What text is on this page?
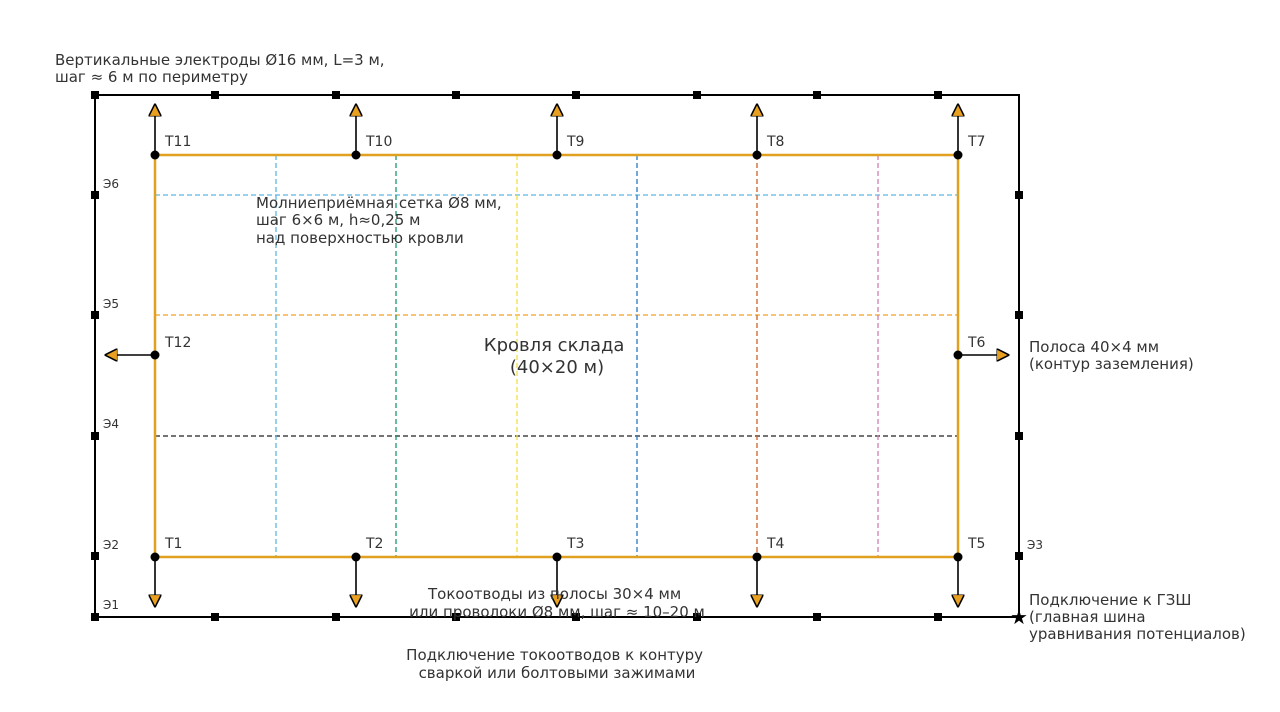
★
T1	T2	T3	T4	T5
T6
T7
T8
T9
T10
T11
T12
Э1
Э2	Э3
Э4
Э5
Э6
Кровля склада (40×20 м)
Вертикальные электроды Ø16 мм, L=3 м, шаг ≈ 6 м по периметру
Молниеприёмная сетка Ø8 мм, шаг 6×6 м, h≈0,25 м над поверхностью кровли
Полоса 40×4 мм (контур заземления)
Токоотводы из полосы 30×4 мм или проволоки Ø8 мм, шаг ≈ 10–20 м
Подключение к ГЗШ (главная шина уравнивания потенциалов)
Подключение токоотводов к контуру сваркой или болтовыми зажимами
